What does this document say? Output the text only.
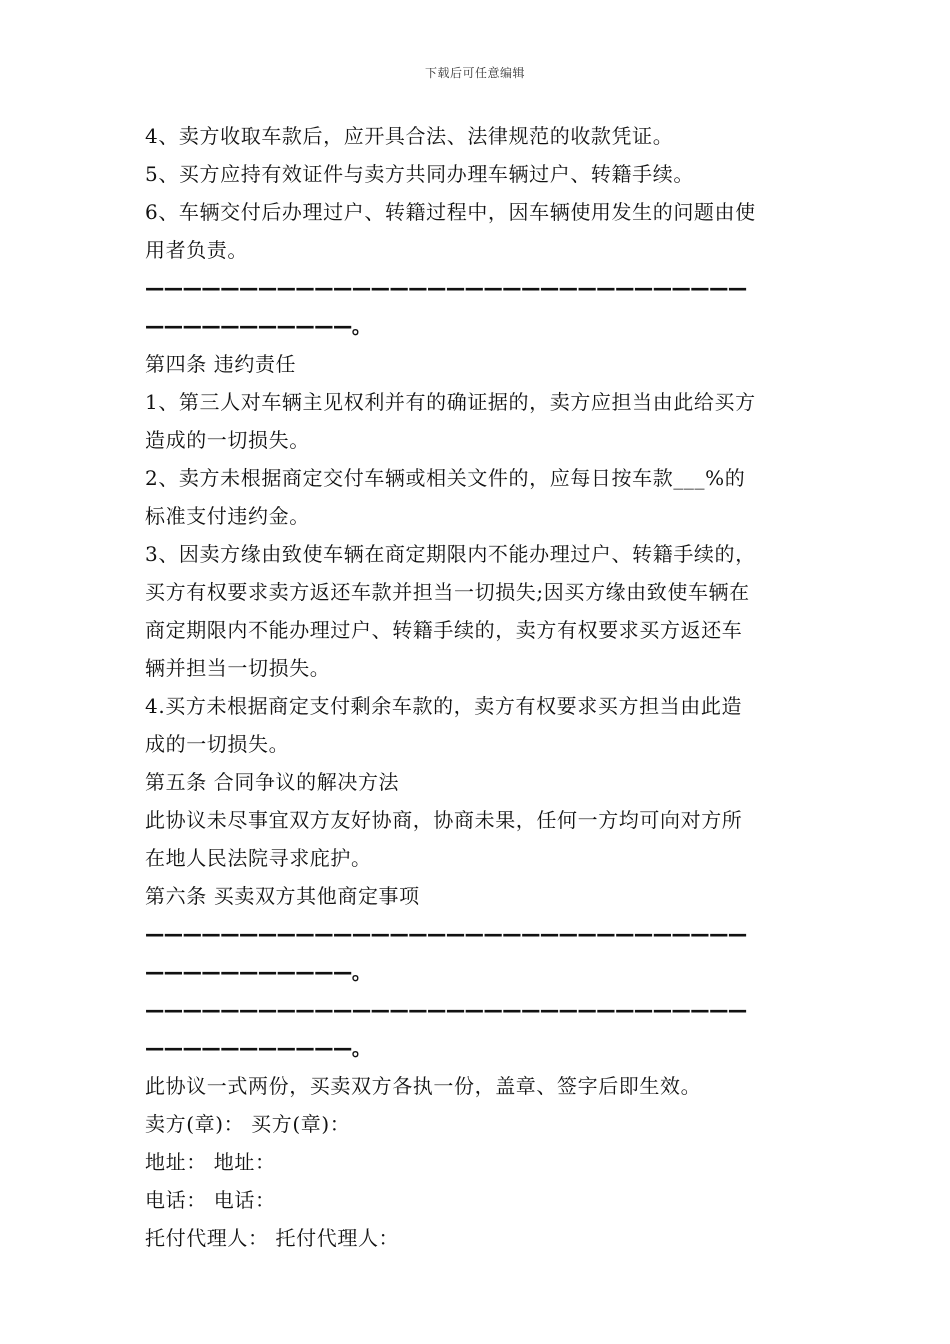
下载后可任意编辑
4、卖方收取车款后，应开具合法、法律规范的收款凭证。
5、买方应持有效证件与卖方共同办理车辆过户、转籍手续。
6、车辆交付后办理过户、转籍过程中，因车辆使用发生的问题由使
用者负责。
————————————————————————————————
———————————。
第四条 违约责任
1、第三人对车辆主见权利并有的确证据的，卖方应担当由此给买方
造成的一切损失。
2、卖方未根据商定交付车辆或相关文件的，应每日按车款___%的
标准支付违约金。
3、因卖方缘由致使车辆在商定期限内不能办理过户、转籍手续的，
买方有权要求卖方返还车款并担当一切损失;因买方缘由致使车辆在
商定期限内不能办理过户、转籍手续的，卖方有权要求买方返还车
辆并担当一切损失。
4.买方未根据商定支付剩余车款的，卖方有权要求买方担当由此造
成的一切损失。
第五条 合同争议的解决方法
此协议未尽事宜双方友好协商，协商未果，任何一方均可向对方所
在地人民法院寻求庇护。
第六条 买卖双方其他商定事项
————————————————————————————————
———————————。
————————————————————————————————
———————————。
此协议一式两份，买卖双方各执一份，盖章、签字后即生效。
卖方(章)： 买方(章)：
地址： 地址：
电话： 电话：
托付代理人： 托付代理人：
